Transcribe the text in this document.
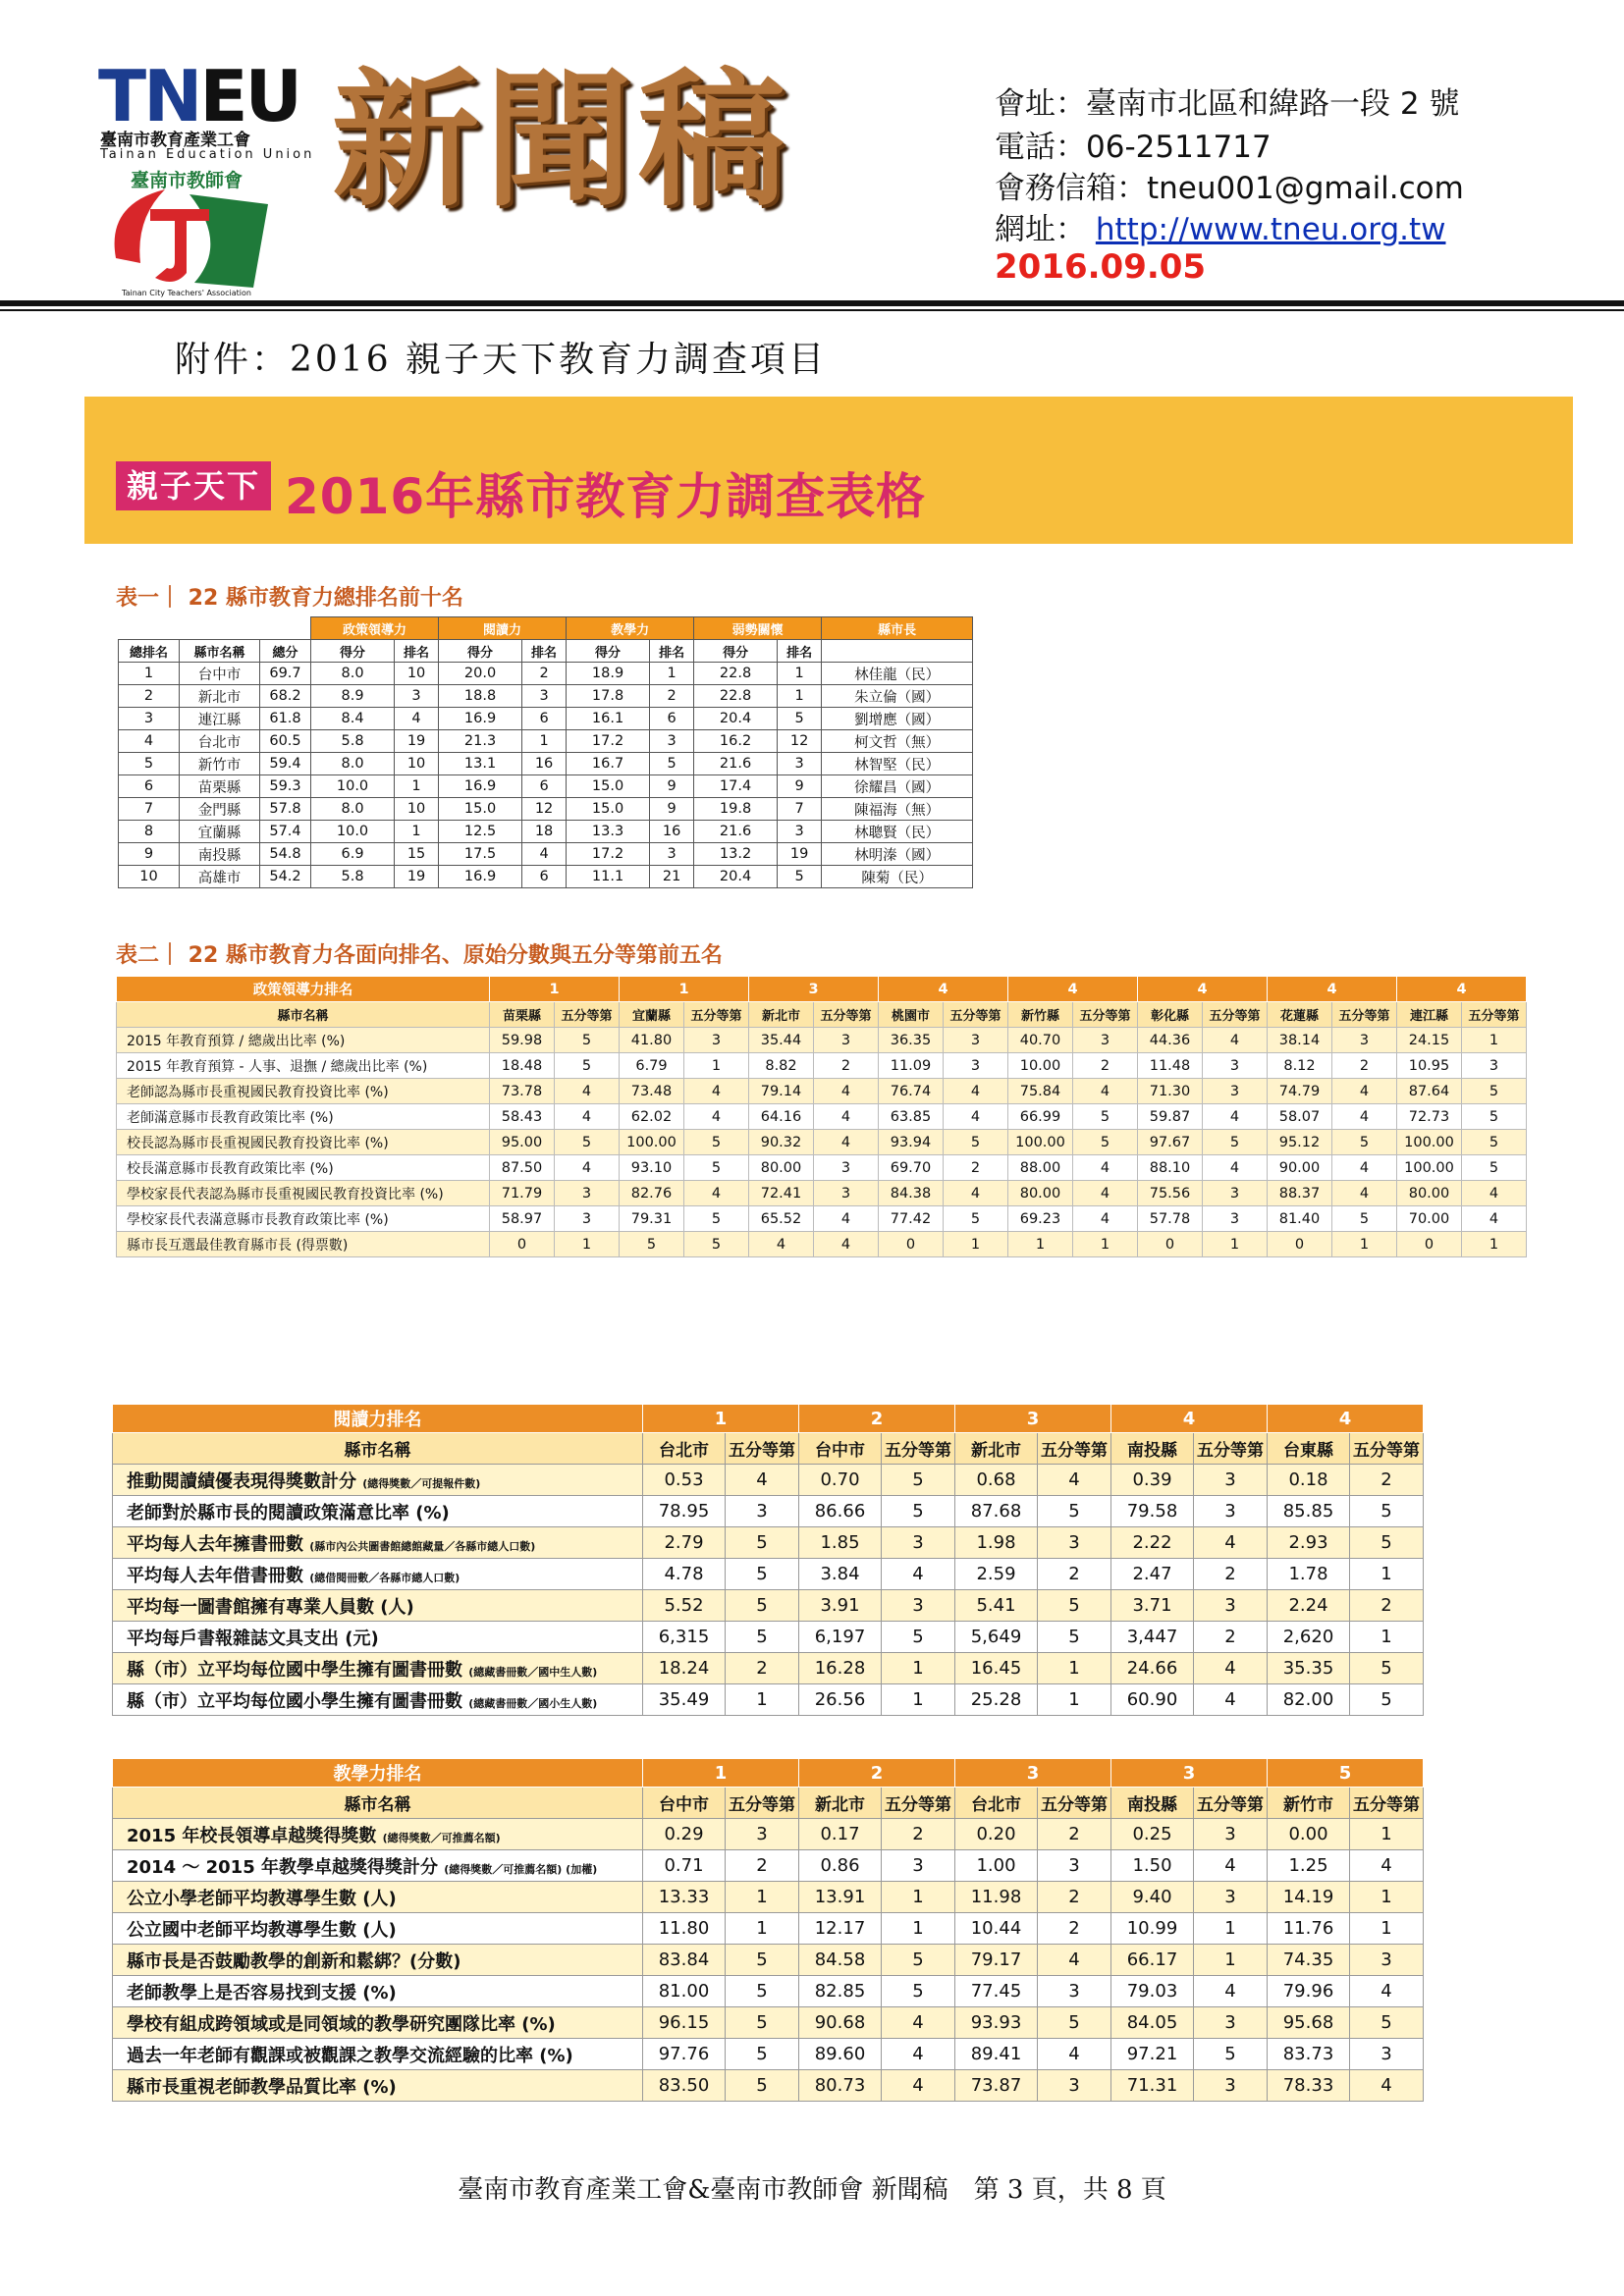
TNEU
臺南市教育產業工會
Tainan Education Union
臺南市教師會
Tainan City Teachers' Association
新聞稿	會址：臺南市北區和緯路一段 2 號
電話：06-2511717
會務信箱：tneu001@gmail.com
網址： http://www.tneu.org.tw
2016.09.05
附件：2016 親子天下教育力調查項目
親子天下 2016年縣市教育力調查表格
表一｜ 22 縣市教育力總排名前十名
			政策領導力		閱讀力		教學力		弱勢關懷		縣市長
總排名	縣市名稱	總分	得分	排名	得分	排名	得分	排名	得分	排名	
1	台中市	69.7	8.0	10	20.0	2	18.9	1	22.8	1	林佳龍（民）
2	新北市	68.2	8.9	3	18.8	3	17.8	2	22.8	1	朱立倫（國）
3	連江縣	61.8	8.4	4	16.9	6	16.1	6	20.4	5	劉增應（國）
4	台北市	60.5	5.8	19	21.3	1	17.2	3	16.2	12	柯文哲（無）
5	新竹市	59.4	8.0	10	13.1	16	16.7	5	21.6	3	林智堅（民）
6	苗栗縣	59.3	10.0	1	16.9	6	15.0	9	17.4	9	徐耀昌（國）
7	金門縣	57.8	8.0	10	15.0	12	15.0	9	19.8	7	陳福海（無）
8	宜蘭縣	57.4	10.0	1	12.5	18	13.3	16	21.6	3	林聰賢（民）
9	南投縣	54.8	6.9	15	17.5	4	17.2	3	13.2	19	林明溱（國）
10	高雄市	54.2	5.8	19	16.9	6	11.1	21	20.4	5	陳菊（民）
表二｜ 22 縣市教育力各面向排名、原始分數與五分等第前五名
政策領導力排名	1		1		3		4		4		4		4		4	
縣市名稱	苗栗縣	五分等第	宜蘭縣	五分等第	新北市	五分等第	桃園市	五分等第	新竹縣	五分等第	彰化縣	五分等第	花蓮縣	五分等第	連江縣	五分等第
2015 年教育預算 / 總歲出比率 (%)	59.98	5	41.80	3	35.44	3	36.35	3	40.70	3	44.36	4	38.14	3	24.15	1
2015 年教育預算 - 人事、退撫 / 總歲出比率 (%)	18.48	5	6.79	1	8.82	2	11.09	3	10.00	2	11.48	3	8.12	2	10.95	3
老師認為縣市長重視國民教育投資比率 (%)	73.78	4	73.48	4	79.14	4	76.74	4	75.84	4	71.30	3	74.79	4	87.64	5
老師滿意縣市長教育政策比率 (%)	58.43	4	62.02	4	64.16	4	63.85	4	66.99	5	59.87	4	58.07	4	72.73	5
校長認為縣市長重視國民教育投資比率 (%)	95.00	5	100.00	5	90.32	4	93.94	5	100.00	5	97.67	5	95.12	5	100.00	5
校長滿意縣市長教育政策比率 (%)	87.50	4	93.10	5	80.00	3	69.70	2	88.00	4	88.10	4	90.00	4	100.00	5
學校家長代表認為縣市長重視國民教育投資比率 (%)	71.79	3	82.76	4	72.41	3	84.38	4	80.00	4	75.56	3	88.37	4	80.00	4
學校家長代表滿意縣市長教育政策比率 (%)	58.97	3	79.31	5	65.52	4	77.42	5	69.23	4	57.78	3	81.40	5	70.00	4
縣市長互選最佳教育縣市長 (得票數)	0	1	5	5	4	4	0	1	1	1	0	1	0	1	0	1
閱讀力排名	1		2		3		4		4	
縣市名稱	台北市	五分等第	台中市	五分等第	新北市	五分等第	南投縣	五分等第	台東縣	五分等第
推動閱讀績優表現得獎數計分 (總得獎數／可提報件數)	0.53	4	0.70	5	0.68	4	0.39	3	0.18	2
老師對於縣市長的閱讀政策滿意比率 (%)	78.95	3	86.66	5	87.68	5	79.58	3	85.85	5
平均每人去年擁書冊數 (縣市內公共圖書館總館藏量／各縣市總人口數)	2.79	5	1.85	3	1.98	3	2.22	4	2.93	5
平均每人去年借書冊數 (總借閱冊數／各縣市總人口數)	4.78	5	3.84	4	2.59	2	2.47	2	1.78	1
平均每一圖書館擁有專業人員數 (人)	5.52	5	3.91	3	5.41	5	3.71	3	2.24	2
平均每戶書報雜誌文具支出 (元)	6,315	5	6,197	5	5,649	5	3,447	2	2,620	1
縣（市）立平均每位國中學生擁有圖書冊數 (總藏書冊數／國中生人數)	18.24	2	16.28	1	16.45	1	24.66	4	35.35	5
縣（市）立平均每位國小學生擁有圖書冊數 (總藏書冊數／國小生人數)	35.49	1	26.56	1	25.28	1	60.90	4	82.00	5
教學力排名	1		2		3		3		5	
縣市名稱	台中市	五分等第	新北市	五分等第	台北市	五分等第	南投縣	五分等第	新竹市	五分等第
2015 年校長領導卓越獎得獎數 (總得獎數／可推薦名額)	0.29	3	0.17	2	0.20	2	0.25	3	0.00	1
2014 ～ 2015 年教學卓越獎得獎計分 (總得獎數／可推薦名額) (加權)	0.71	2	0.86	3	1.00	3	1.50	4	1.25	4
公立小學老師平均教導學生數 (人)	13.33	1	13.91	1	11.98	2	9.40	3	14.19	1
公立國中老師平均教導學生數 (人)	11.80	1	12.17	1	10.44	2	10.99	1	11.76	1
縣市長是否鼓勵教學的創新和鬆綁？(分數)	83.84	5	84.58	5	79.17	4	66.17	1	74.35	3
老師教學上是否容易找到支援 (%)	81.00	5	82.85	5	77.45	3	79.03	4	79.96	4
學校有組成跨領域或是同領域的教學研究團隊比率 (%)	96.15	5	90.68	4	93.93	5	84.05	3	95.68	5
過去一年老師有觀課或被觀課之教學交流經驗的比率 (%)	97.76	5	89.60	4	89.41	4	97.21	5	83.73	3
縣市長重視老師教學品質比率 (%)	83.50	5	80.73	4	73.87	3	71.31	3	78.33	4
臺南市教育產業工會&臺南市教師會 新聞稿　第 3 頁，共 8 頁
